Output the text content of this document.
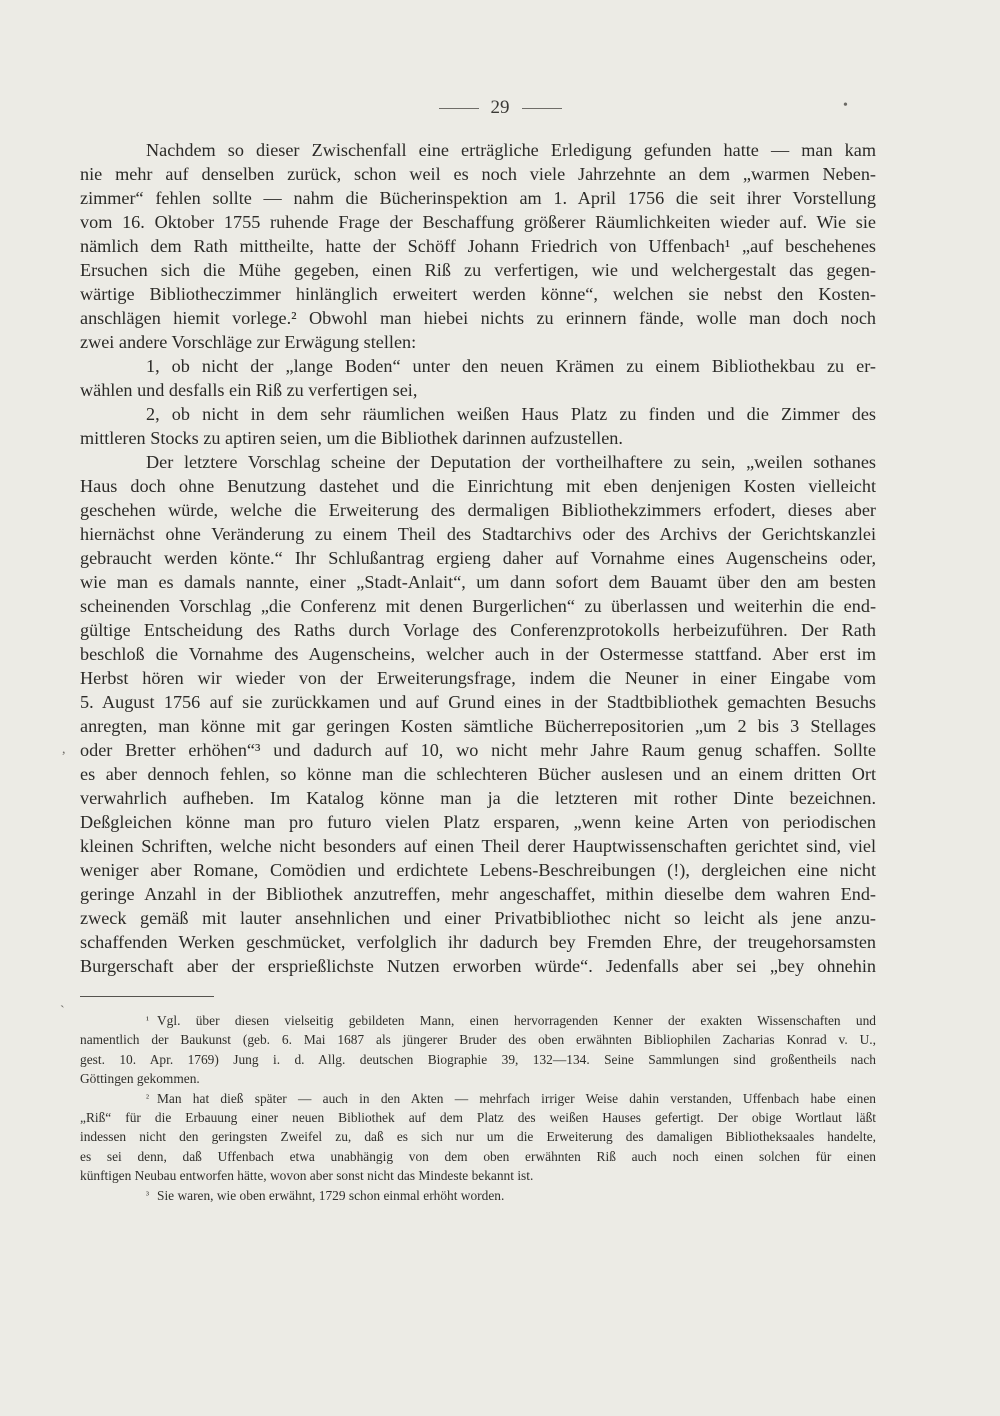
29	•
Nachdem so dieser Zwischenfall eine erträgliche Erledigung gefunden hatte — man kam
nie mehr auf denselben zurück, schon weil es noch viele Jahrzehnte an dem „warmen Neben-
zimmer“ fehlen sollte — nahm die Bücherinspektion am 1. April 1756 die seit ihrer Vorstellung
vom 16. Oktober 1755 ruhende Frage der Beschaffung größerer Räumlichkeiten wieder auf. Wie sie
nämlich dem Rath mittheilte, hatte der Schöff Johann Friedrich von Uffenbach¹ „auf beschehenes
Ersuchen sich die Mühe gegeben, einen Riß zu verfertigen, wie und welchergestalt das gegen-
wärtige Bibliotheczimmer hinlänglich erweitert werden könne“, welchen sie nebst den Kosten-
anschlägen hiemit vorlege.² Obwohl man hiebei nichts zu erinnern fände, wolle man doch noch
zwei andere Vorschläge zur Erwägung stellen:
1, ob nicht der „lange Boden“ unter den neuen Krämen zu einem Bibliothekbau zu er-
wählen und desfalls ein Riß zu verfertigen sei,
2, ob nicht in dem sehr räumlichen weißen Haus Platz zu finden und die Zimmer des
mittleren Stocks zu aptiren seien, um die Bibliothek darinnen aufzustellen.
Der letztere Vorschlag scheine der Deputation der vortheilhaftere zu sein, „weilen sothanes
Haus doch ohne Benutzung dastehet und die Einrichtung mit eben denjenigen Kosten vielleicht
geschehen würde, welche die Erweiterung des dermaligen Bibliothekzimmers erfodert, dieses aber
hiernächst ohne Veränderung zu einem Theil des Stadtarchivs oder des Archivs der Gerichtskanzlei
gebraucht werden könte.“ Ihr Schlußantrag ergieng daher auf Vornahme eines Augenscheins oder,
wie man es damals nannte, einer „Stadt-Anlait“, um dann sofort dem Bauamt über den am besten
scheinenden Vorschlag „die Conferenz mit denen Burgerlichen“ zu überlassen und weiterhin die end-
gültige Entscheidung des Raths durch Vorlage des Conferenzprotokolls herbeizuführen. Der Rath
beschloß die Vornahme des Augenscheins, welcher auch in der Ostermesse stattfand. Aber erst im
Herbst hören wir wieder von der Erweiterungsfrage, indem die Neuner in einer Eingabe vom
5. August 1756 auf sie zurückkamen und auf Grund eines in der Stadtbibliothek gemachten Besuchs
anregten, man könne mit gar geringen Kosten sämtliche Bücherrepositorien „um 2 bis 3 Stellages
oder Bretter erhöhen“³ und dadurch auf 10, wo nicht mehr Jahre Raum genug schaffen. Sollte
es aber dennoch fehlen, so könne man die schlechteren Bücher auslesen und an einem dritten Ort
verwahrlich aufheben. Im Katalog könne man ja die letzteren mit rother Dinte bezeichnen.
Deßgleichen könne man pro futuro vielen Platz ersparen, „wenn keine Arten von periodischen
kleinen Schriften, welche nicht besonders auf einen Theil derer Hauptwissenschaften gerichtet sind, viel
weniger aber Romane, Comödien und erdichtete Lebens-Beschreibungen (!), dergleichen eine nicht
geringe Anzahl in der Bibliothek anzutreffen, mehr angeschaffet, mithin dieselbe dem wahren End-
zweck gemäß mit lauter ansehnlichen und einer Privatbibliothec nicht so leicht als jene anzu-
schaffenden Werken geschmücket, verfolglich ihr dadurch bey Fremden Ehre, der treugehorsamsten
Burgerschaft aber der ersprießlichste Nutzen erworben würde“. Jedenfalls aber sei „bey ohnehin
,
ˋ
¹ Vgl. über diesen vielseitig gebildeten Mann, einen hervorragenden Kenner der exakten Wissenschaften und
namentlich der Baukunst (geb. 6. Mai 1687 als jüngerer Bruder des oben erwähnten Bibliophilen Zacharias Konrad v. U.,
gest. 10. Apr. 1769) Jung i. d. Allg. deutschen Biographie 39, 132—134. Seine Sammlungen sind großentheils nach
Göttingen gekommen.
² Man hat dieß später — auch in den Akten — mehrfach irriger Weise dahin verstanden, Uffenbach habe einen
„Riß“ für die Erbauung einer neuen Bibliothek auf dem Platz des weißen Hauses gefertigt. Der obige Wortlaut läßt
indessen nicht den geringsten Zweifel zu, daß es sich nur um die Erweiterung des damaligen Bibliotheksaales handelte,
es sei denn, daß Uffenbach etwa unabhängig von dem oben erwähnten Riß auch noch einen solchen für einen
künftigen Neubau entworfen hätte, wovon aber sonst nicht das Mindeste bekannt ist.
³ Sie waren, wie oben erwähnt, 1729 schon einmal erhöht worden.
